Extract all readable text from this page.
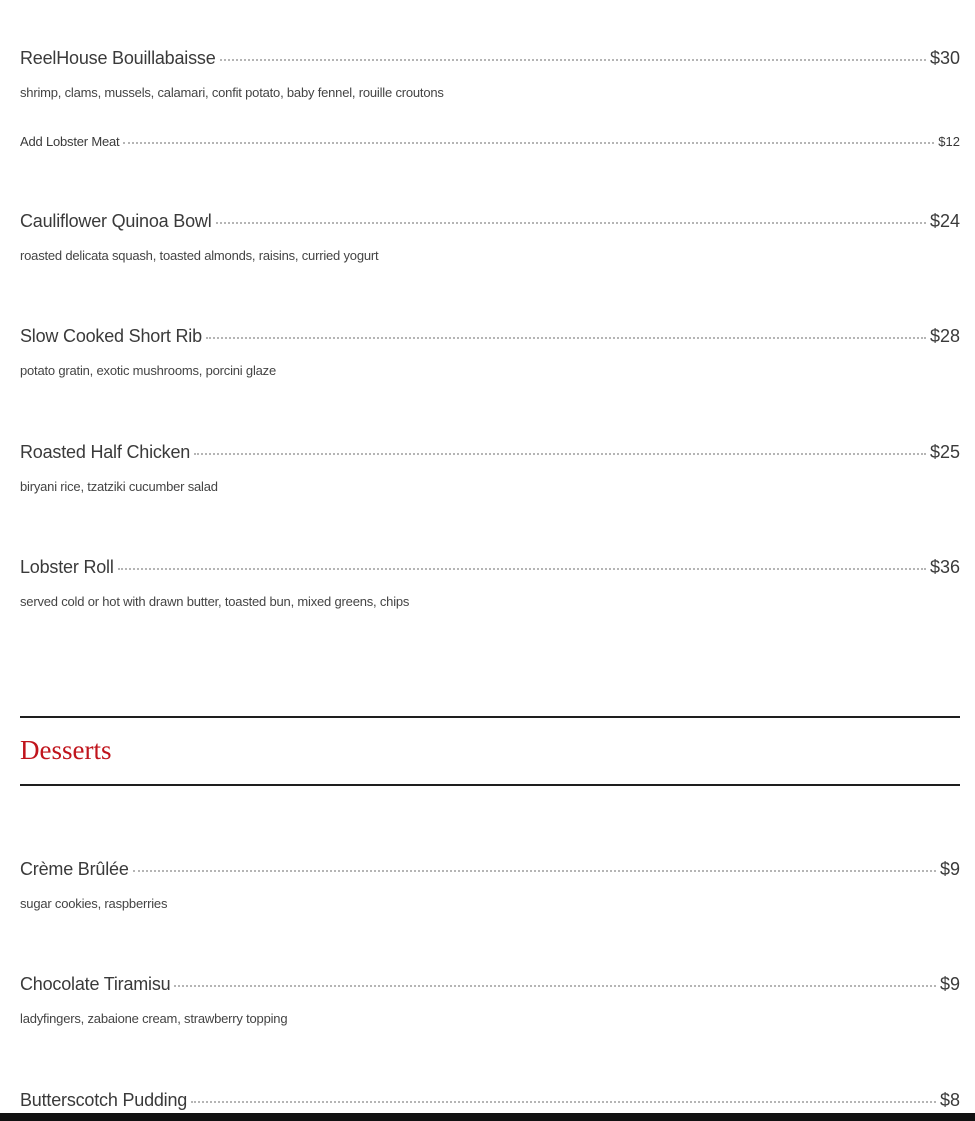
ReelHouse Bouillabaisse	$30
shrimp, clams, mussels, calamari, confit potato, baby fennel, rouille croutons
Add Lobster Meat	$12
Cauliflower Quinoa Bowl	$24
roasted delicata squash, toasted almonds, raisins, curried yogurt
Slow Cooked Short Rib	$28
potato gratin, exotic mushrooms, porcini glaze
Roasted Half Chicken	$25
biryani rice, tzatziki cucumber salad
Lobster Roll	$36
served cold or hot with drawn butter, toasted bun, mixed greens, chips
Desserts
Crème Brûlée	$9
sugar cookies, raspberries
Chocolate Tiramisu	$9
ladyfingers, zabaione cream, strawberry topping
Butterscotch Pudding	$8
